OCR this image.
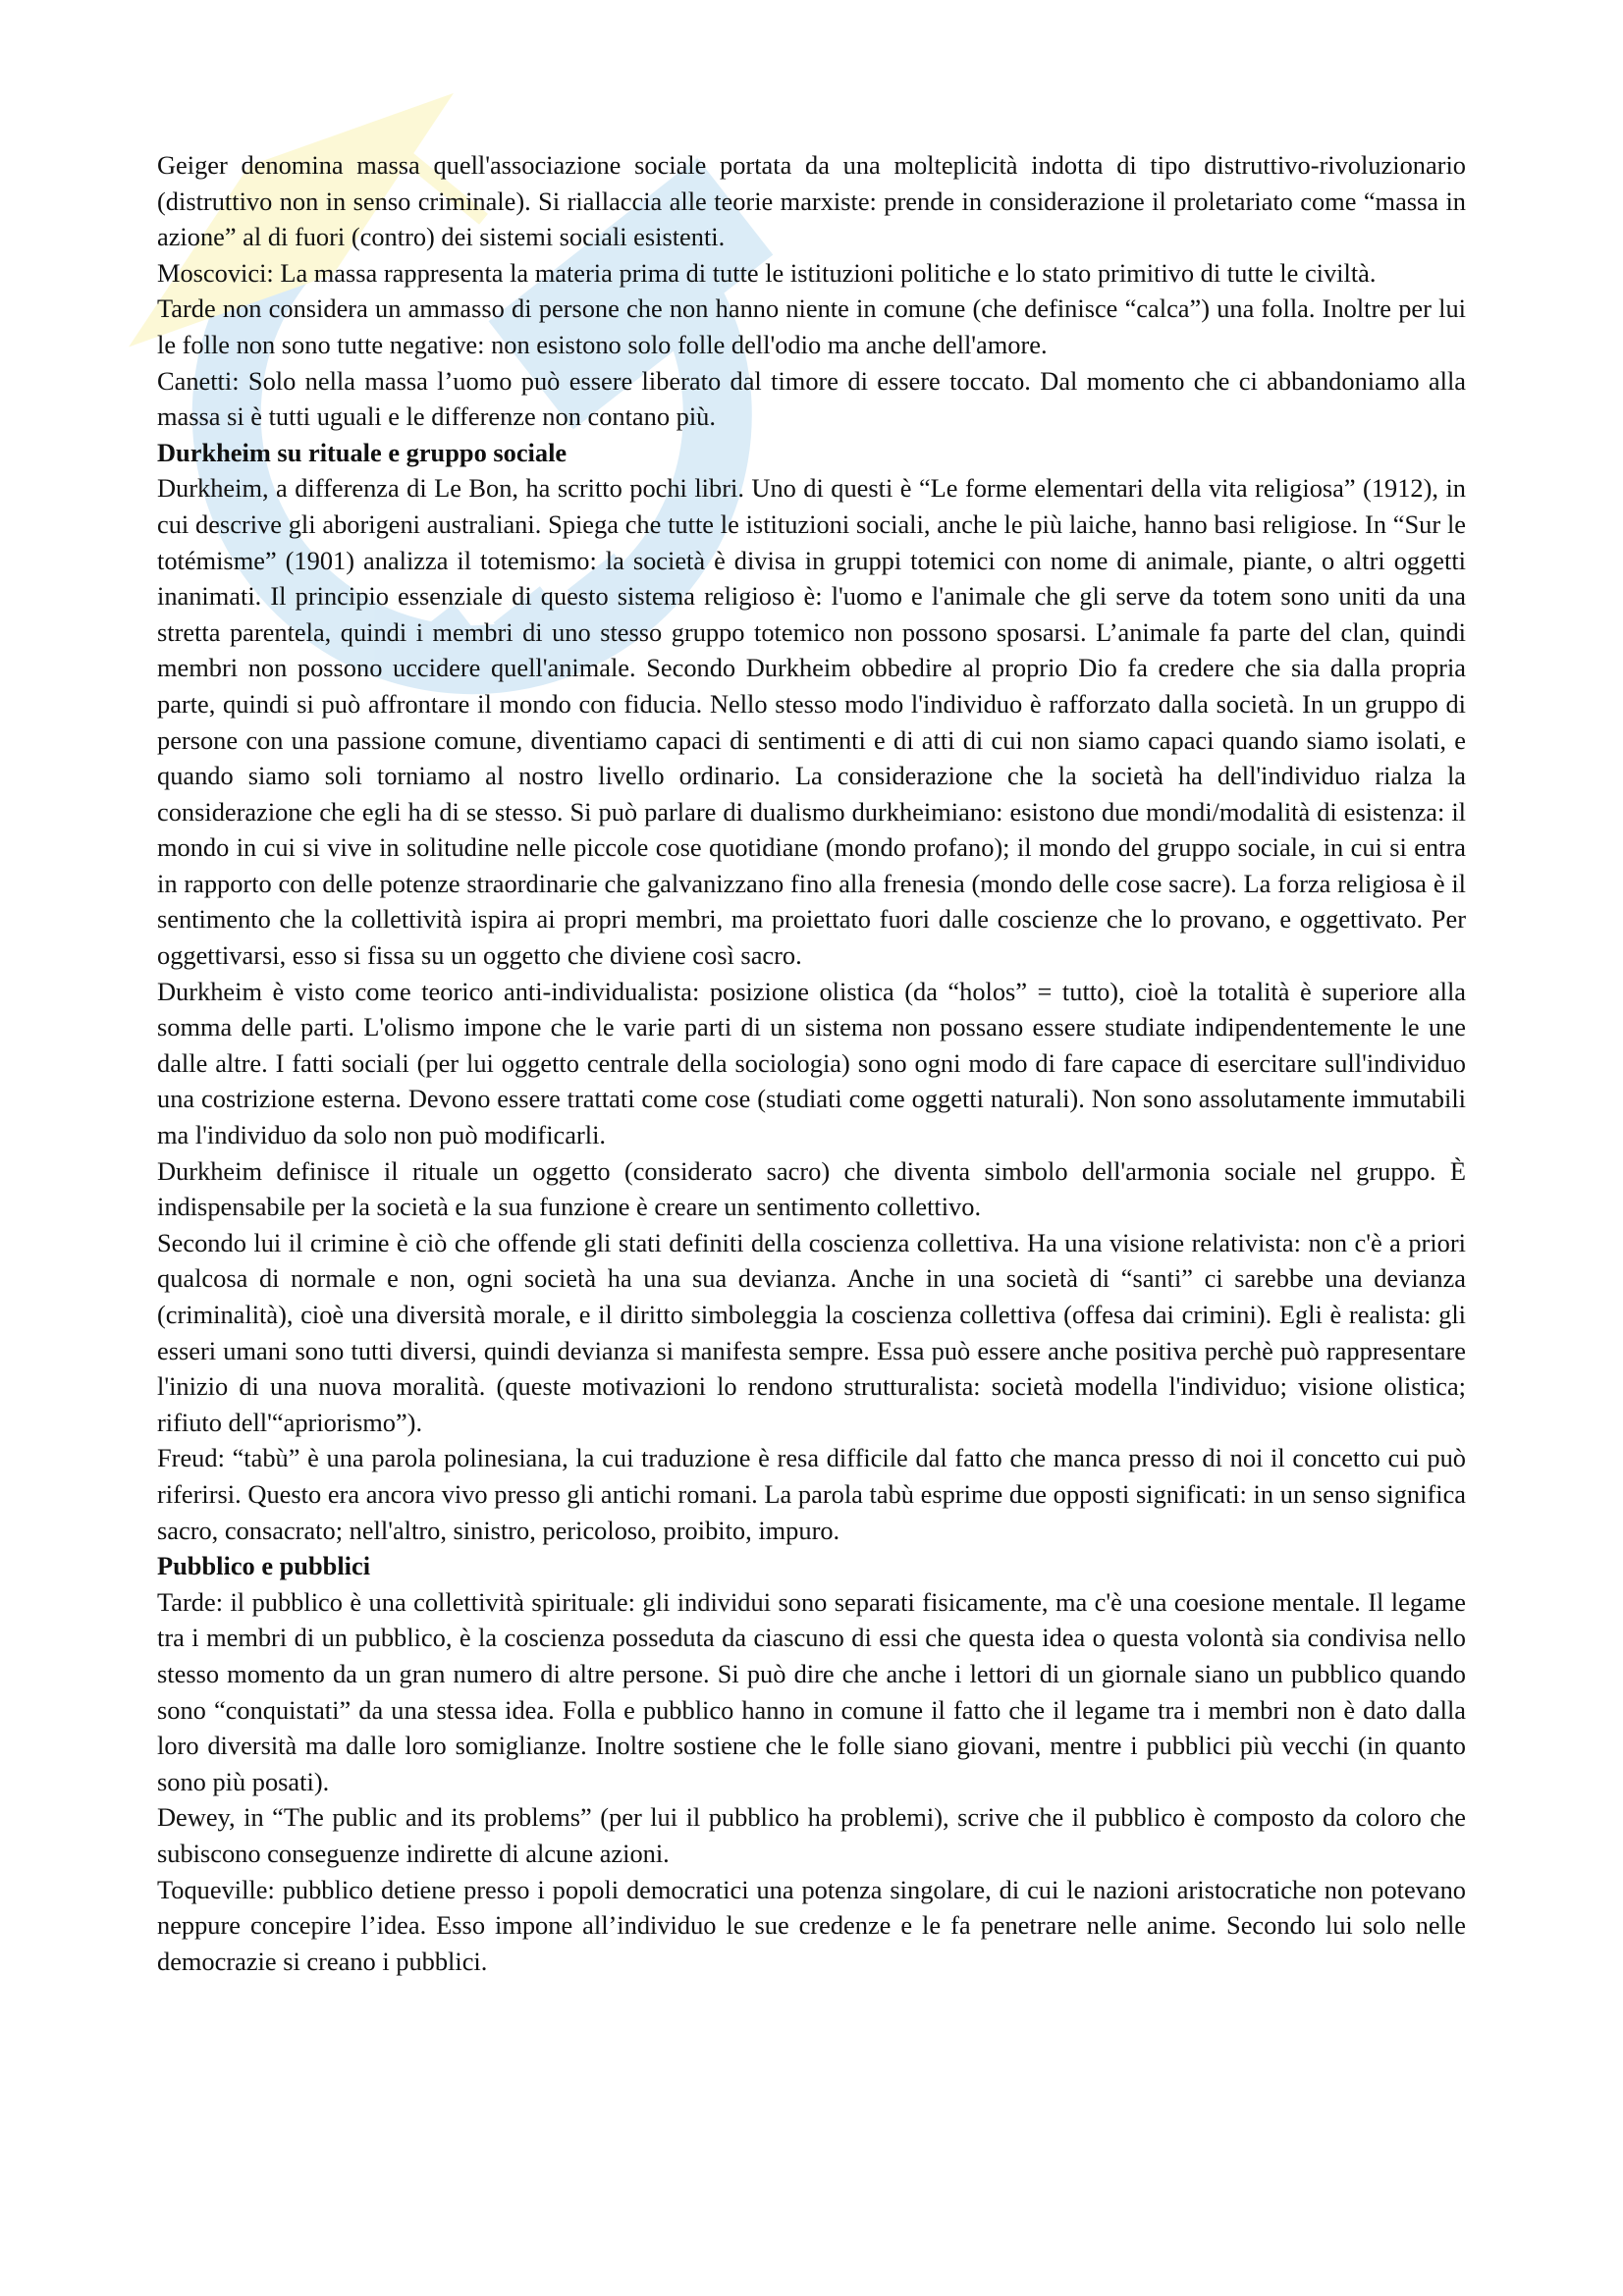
Geiger denomina massa quell'associazione sociale portata da una molteplicità indotta di tipo distruttivo-rivoluzionario (distruttivo non in senso criminale). Si riallaccia alle teorie marxiste: prende in considerazione il proletariato come “massa in azione” al di fuori (contro) dei sistemi sociali esistenti.

Moscovici: La massa rappresenta la materia prima di tutte le istituzioni politiche e lo stato primitivo di tutte le civiltà.

Tarde non considera un ammasso di persone che non hanno niente in comune (che definisce “calca”) una folla. Inoltre per lui le folle non sono tutte negative: non esistono solo folle dell'odio ma anche dell'amore.

Canetti: Solo nella massa l’uomo può essere liberato dal timore di essere toccato. Dal momento che ci abbandoniamo alla massa si è tutti uguali e le differenze non contano più.

Durkheim su rituale e gruppo sociale

Durkheim, a differenza di Le Bon, ha scritto pochi libri. Uno di questi è “Le forme elementari della vita religiosa” (1912), in cui descrive gli aborigeni australiani. Spiega che tutte le istituzioni sociali, anche le più laiche, hanno basi religiose. In “Sur le totémisme” (1901) analizza il totemismo: la società è divisa in gruppi totemici con nome di animale, piante, o altri oggetti inanimati. Il principio essenziale di questo sistema religioso è: l'uomo e l'animale che gli serve da totem sono uniti da una stretta parentela, quindi i membri di uno stesso gruppo totemico non possono sposarsi. L’animale fa parte del clan, quindi membri non possono uccidere quell'animale. Secondo Durkheim obbedire al proprio Dio fa credere che sia dalla propria parte, quindi si può affrontare il mondo con fiducia. Nello stesso modo l'individuo è rafforzato dalla società. In un gruppo di persone con una passione comune, diventiamo capaci di sentimenti e di atti di cui non siamo capaci quando siamo isolati, e quando siamo soli torniamo al nostro livello ordinario. La considerazione che la società ha dell'individuo rialza la considerazione che egli ha di se stesso. Si può parlare di dualismo durkheimiano: esistono due mondi/modalità di esistenza: il mondo in cui si vive in solitudine nelle piccole cose quotidiane (mondo profano); il mondo del gruppo sociale, in cui si entra in rapporto con delle potenze straordinarie che galvanizzano fino alla frenesia (mondo delle cose sacre). La forza religiosa è il sentimento che la collettività ispira ai propri membri, ma proiettato fuori dalle coscienze che lo provano, e oggettivato. Per oggettivarsi, esso si fissa su un oggetto che diviene così sacro.

Durkheim è visto come teorico anti-individualista: posizione olistica (da “holos” = tutto), cioè la totalità è superiore alla somma delle parti. L'olismo impone che le varie parti di un sistema non possano essere studiate indipendentemente le une dalle altre. I fatti sociali (per lui oggetto centrale della sociologia) sono ogni modo di fare capace di esercitare sull'individuo una costrizione esterna. Devono essere trattati come cose (studiati come oggetti naturali). Non sono assolutamente immutabili ma l'individuo da solo non può modificarli.

Durkheim definisce il rituale un oggetto (considerato sacro) che diventa simbolo dell'armonia sociale nel gruppo. È indispensabile per la società e la sua funzione è creare un sentimento collettivo.

Secondo lui il crimine è ciò che offende gli stati definiti della coscienza collettiva. Ha una visione relativista: non c'è a priori qualcosa di normale e non, ogni società ha una sua devianza. Anche in una società di “santi” ci sarebbe una devianza (criminalità), cioè una diversità morale, e il diritto simboleggia la coscienza collettiva (offesa dai crimini). Egli è realista: gli esseri umani sono tutti diversi, quindi devianza si manifesta sempre. Essa può essere anche positiva perchè può rappresentare l'inizio di una nuova moralità. (queste motivazioni lo rendono strutturalista: società modella l'individuo; visione olistica; rifiuto dell'“apriorismo”).

Freud: “tabù” è una parola polinesiana, la cui traduzione è resa difficile dal fatto che manca presso di noi il concetto cui può riferirsi. Questo era ancora vivo presso gli antichi romani. La parola tabù esprime due opposti significati: in un senso significa sacro, consacrato; nell'altro, sinistro, pericoloso, proibito, impuro.

Pubblico e pubblici

Tarde: il pubblico è una collettività spirituale: gli individui sono separati fisicamente, ma c'è una coesione mentale. Il legame tra i membri di un pubblico, è la coscienza posseduta da ciascuno di essi che questa idea o questa volontà sia condivisa nello stesso momento da un gran numero di altre persone. Si può dire che anche i lettori di un giornale siano un pubblico quando sono “conquistati” da una stessa idea. Folla e pubblico hanno in comune il fatto che il legame tra i membri non è dato dalla loro diversità ma dalle loro somiglianze. Inoltre sostiene che le folle siano giovani, mentre i pubblici più vecchi (in quanto sono più posati).

Dewey, in “The public and its problems” (per lui il pubblico ha problemi), scrive che il pubblico è composto da coloro che subiscono conseguenze indirette di alcune azioni.

Toqueville: pubblico detiene presso i popoli democratici una potenza singolare, di cui le nazioni aristocratiche non potevano neppure concepire l’idea. Esso impone all’individuo le sue credenze e le fa penetrare nelle anime. Secondo lui solo nelle democrazie si creano i pubblici.
